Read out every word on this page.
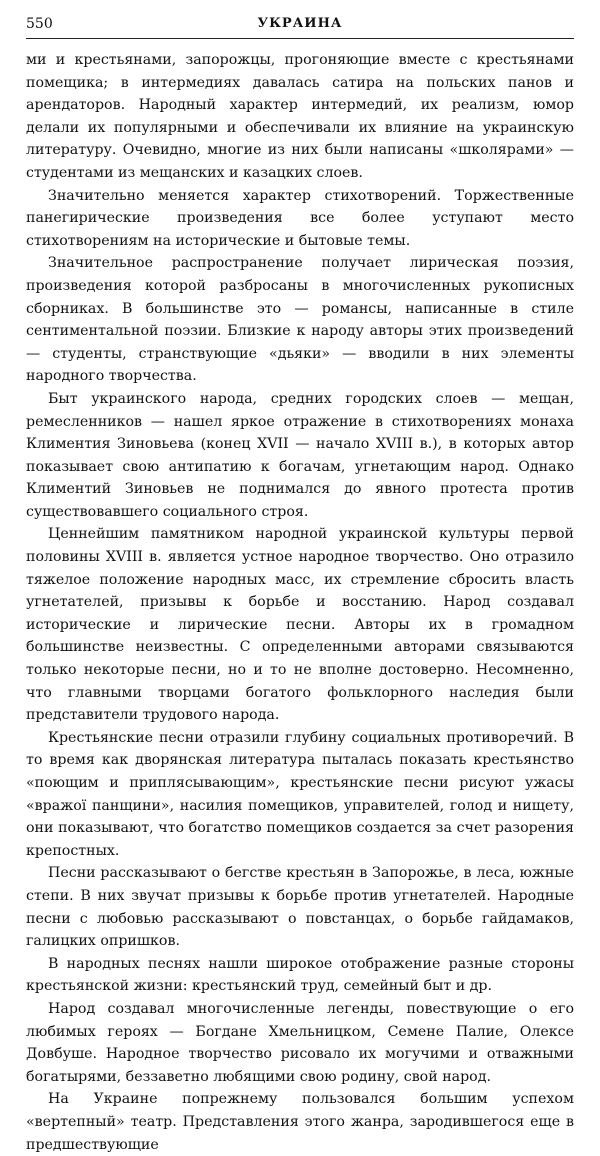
550	УКРАИНА

ми и крестьянами, запорожцы, прогоняющие вместе с крестьянами помещика; в интермедиях давалась сатира на польских панов и арендаторов. Народный характер интермедий, их реализм, юмор делали их популярными и обеспечивали их влияние на украинскую литературу. Очевидно, многие из них были написаны «школярами» — студентами из мещанских и казацких слоев.

Значительно меняется характер стихотворений. Торжественные панегирические произведения все более уступают место стихотворениям на исторические и бытовые темы.

Значительное распространение получает лирическая поэзия, произведения которой разбросаны в многочисленных рукописных сборниках. В большинстве это — романсы, написанные в стиле сентиментальной поэзии. Близкие к народу авторы этих произведений — студенты, странствующие «дьяки» — вводили в них элементы народного творчества.

Быт украинского народа, средних городских слоев — мещан, ремесленников — нашел яркое отражение в стихотворениях монаха Климентия Зиновьева (конец XVII — начало XVIII в.), в которых автор показывает свою антипатию к богачам, угнетающим народ. Однако Климентий Зиновьев не поднимался до явного протеста против существовавшего социального строя.

Ценнейшим памятником народной украинской культуры первой половины XVIII в. является устное народное творчество. Оно отразило тяжелое положение народных масс, их стремление сбросить власть угнетателей, призывы к борьбе и восстанию. Народ создавал исторические и лирические песни. Авторы их в громадном большинстве неизвестны. С определенными авторами связываются только некоторые песни, но и то не вполне достоверно. Несомненно, что главными творцами богатого фольклорного наследия были представители трудового народа.

Крестьянские песни отразили глубину социальных противоречий. В то время как дворянская литература пыталась показать крестьянство «поющим и приплясывающим», крестьянские песни рисуют ужасы «вражої панщини», насилия помещиков, управителей, голод и нищету, они показывают, что богатство помещиков создается за счет разорения крепостных.

Песни рассказывают о бегстве крестьян в Запорожье, в леса, южные степи. В них звучат призывы к борьбе против угнетателей. Народные песни с любовью рассказывают о повстанцах, о борьбе гайдамаков, галицких опришков.

В народных песнях нашли широкое отображение разные стороны крестьянской жизни: крестьянский труд, семейный быт и др.

Народ создавал многочисленные легенды, повествующие о его любимых героях — Богдане Хмельницком, Семене Палие, Олексе Довбуше. Народное творчество рисовало их могучими и отважными богатырями, беззаветно любящими свою родину, свой народ.

На Украине попрежнему пользовался большим успехом «вертепный» театр. Представления этого жанра, зародившегося еще в предшествующие
